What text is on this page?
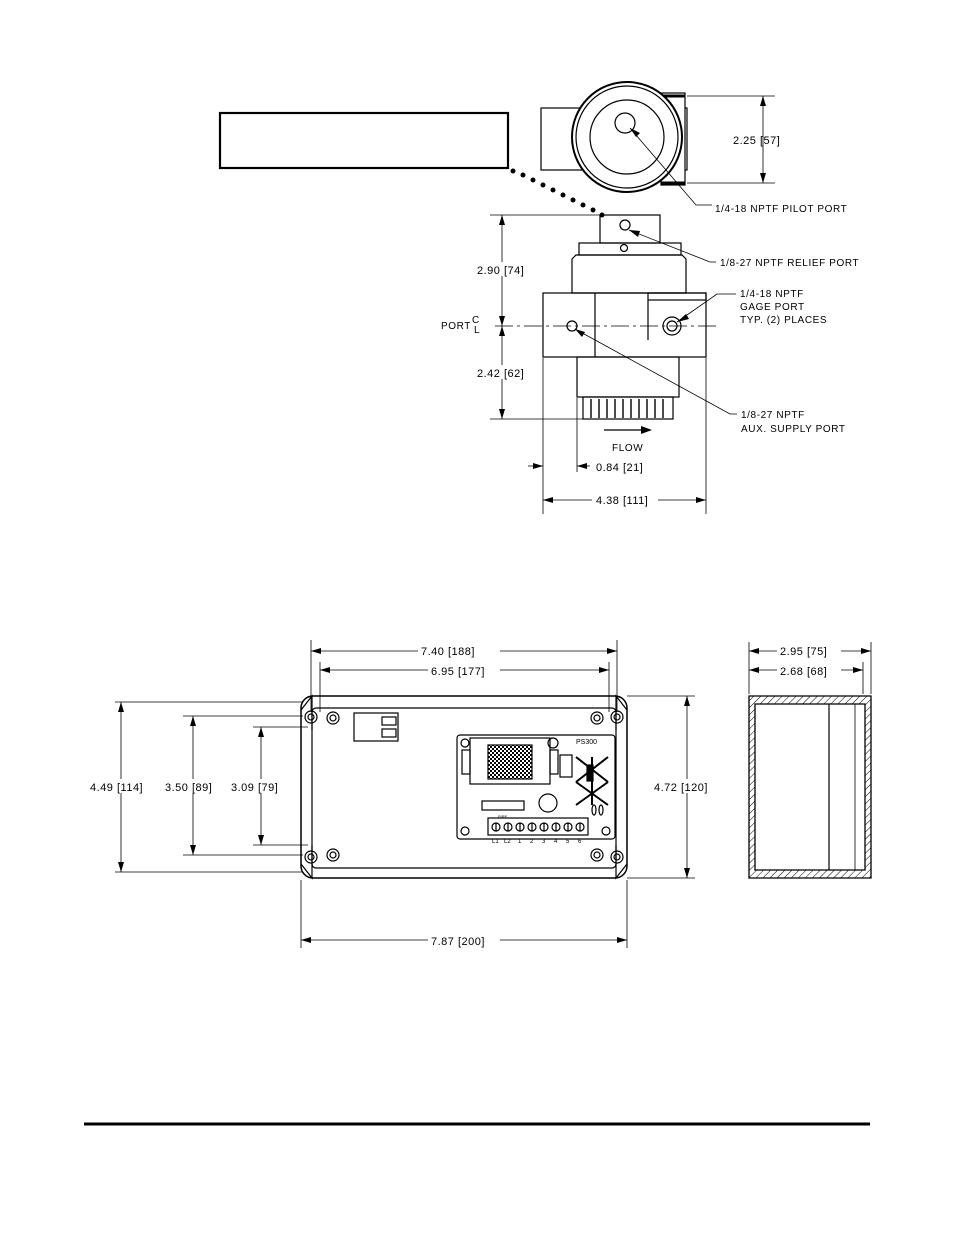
2.25 [57]
1/4-18 NPTF PILOT PORT
PORT
C
L
2.90 [74]
2.42 [62]
1/8-27 NPTF RELIEF PORT
1/4-18 NPTF
GAGE PORT
TYP. (2) PLACES
1/8-27 NPTF
AUX. SUPPLY PORT
FLOW
0.84 [21]
4.38 [111]
PS300
P/RE
L1 L2 1 2 3 4 5 6
7.40 [188]
6.95 [177]
4.49 [114] 3.50 [89] 3.09 [79]	4.72 [120]
7.87 [200]
2.95 [75]
2.68 [68]
